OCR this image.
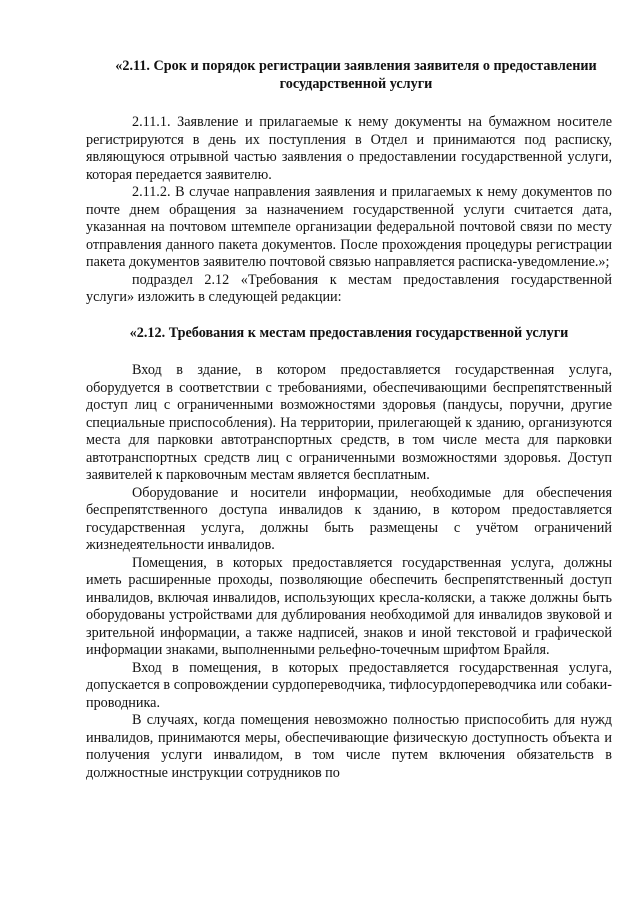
«2.11. Срок и порядок регистрации заявления заявителя о предоставлении государственной услуги

2.11.1. Заявление и прилагаемые к нему документы на бумажном носителе регистрируются в день их поступления в Отдел и принимаются под расписку, являющуюся отрывной частью заявления о предоставлении государственной услуги, которая передается заявителю.

2.11.2. В случае направления заявления и прилагаемых к нему документов по почте днем обращения за назначением государственной услуги считается дата, указанная на почтовом штемпеле организации федеральной почтовой связи по месту отправления данного пакета документов. После прохождения процедуры регистрации пакета документов заявителю почтовой связью направляется расписка-уведомление.»;

подраздел 2.12 «Требования к местам предоставления государственной услуги» изложить в следующей редакции:

«2.12. Требования к местам предоставления государственной услуги

Вход в здание, в котором предоставляется государственная услуга, оборудуется в соответствии с требованиями, обеспечивающими беспрепятственный доступ лиц с ограниченными возможностями здоровья (пандусы, поручни, другие специальные приспособления). На территории, прилегающей к зданию, организуются места для парковки автотранспортных средств, в том числе места для парковки автотранспортных средств лиц с ограниченными возможностями здоровья. Доступ заявителей к парковочным местам является бесплатным.

Оборудование и носители информации, необходимые для обеспечения беспрепятственного доступа инвалидов к зданию, в котором предоставляется государственная услуга, должны быть размещены с учётом ограничений жизнедеятельности инвалидов.

Помещения, в которых предоставляется государственная услуга, должны иметь расширенные проходы, позволяющие обеспечить беспрепятственный доступ инвалидов, включая инвалидов, использующих кресла-коляски, а также должны быть оборудованы устройствами для дублирования необходимой для инвалидов звуковой и зрительной информации, а также надписей, знаков и иной текстовой и графической информации знаками, выполненными рельефно-точечным шрифтом Брайля.

Вход в помещения, в которых предоставляется государственная услуга, допускается в сопровождении сурдопереводчика, тифлосурдопереводчика или собаки-проводника.

В случаях, когда помещения невозможно полностью приспособить для нужд инвалидов, принимаются меры, обеспечивающие физическую доступность объекта и получения услуги инвалидом, в том числе путем включения обязательств в должностные инструкции сотрудников по
